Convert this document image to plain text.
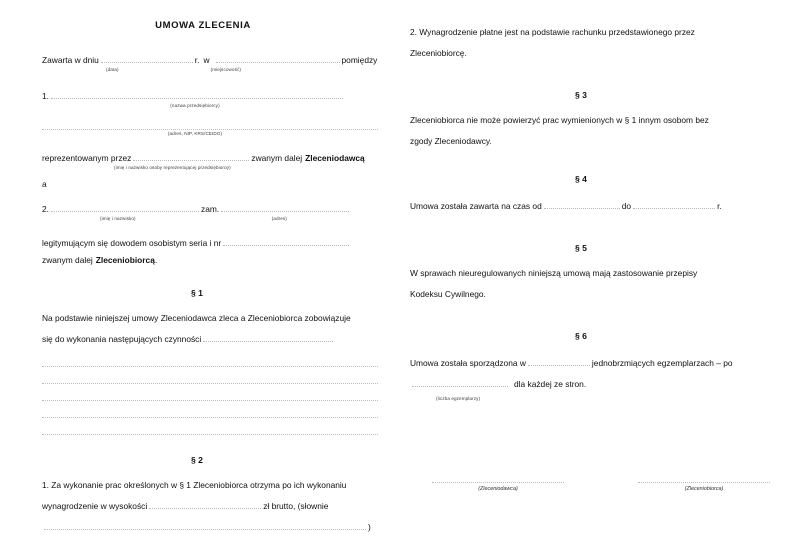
UMOWA ZLECENIA
Zawarta w dniu	r. w	pomiędzy
(data)	(miejscowość)
1.
(nazwa przedsiębiorcy)
(adres, NIP, KRS/CEIDG)
reprezentowanym przez	zwanym dalej Zleceniodawcą
(imię i nazwisko osoby reprezentującej przedsiębiorcę)
a
2.	zam.
(imię i nazwisko)	(adres)
legitymującym się dowodem osobistym seria i nr
zwanym dalej Zleceniobiorcą .
§ 1
Na podstawie niniejszej umowy Zleceniodawca zleca a Zleceniobiorca zobowiązuje
się do wykonania następujących czynności
§ 2
1. Za wykonanie prac określonych w § 1 Zleceniobiorca otrzyma po ich wykonaniu
wynagrodzenie w wysokości	zł brutto, (słownie
)
2. Wynagrodzenie płatne jest na podstawie rachunku przedstawionego przez
Zleceniobiorcę.
§ 3
Zleceniobiorca nie może powierzyć prac wymienionych w § 1 innym osobom bez
zgody Zleceniodawcy.
§ 4
Umowa została zawarta na czas od	do	r.
§ 5
W sprawach nieuregulowanych niniejszą umową mają zastosowanie przepisy
Kodeksu Cywilnego.
§ 6
Umowa została sporządzona w	jednobrzmiących egzemplarzach – po
dla każdej ze stron.
(liczba egzemplarzy)
(Zleceniodawca)	(Zleceniobiorca)
